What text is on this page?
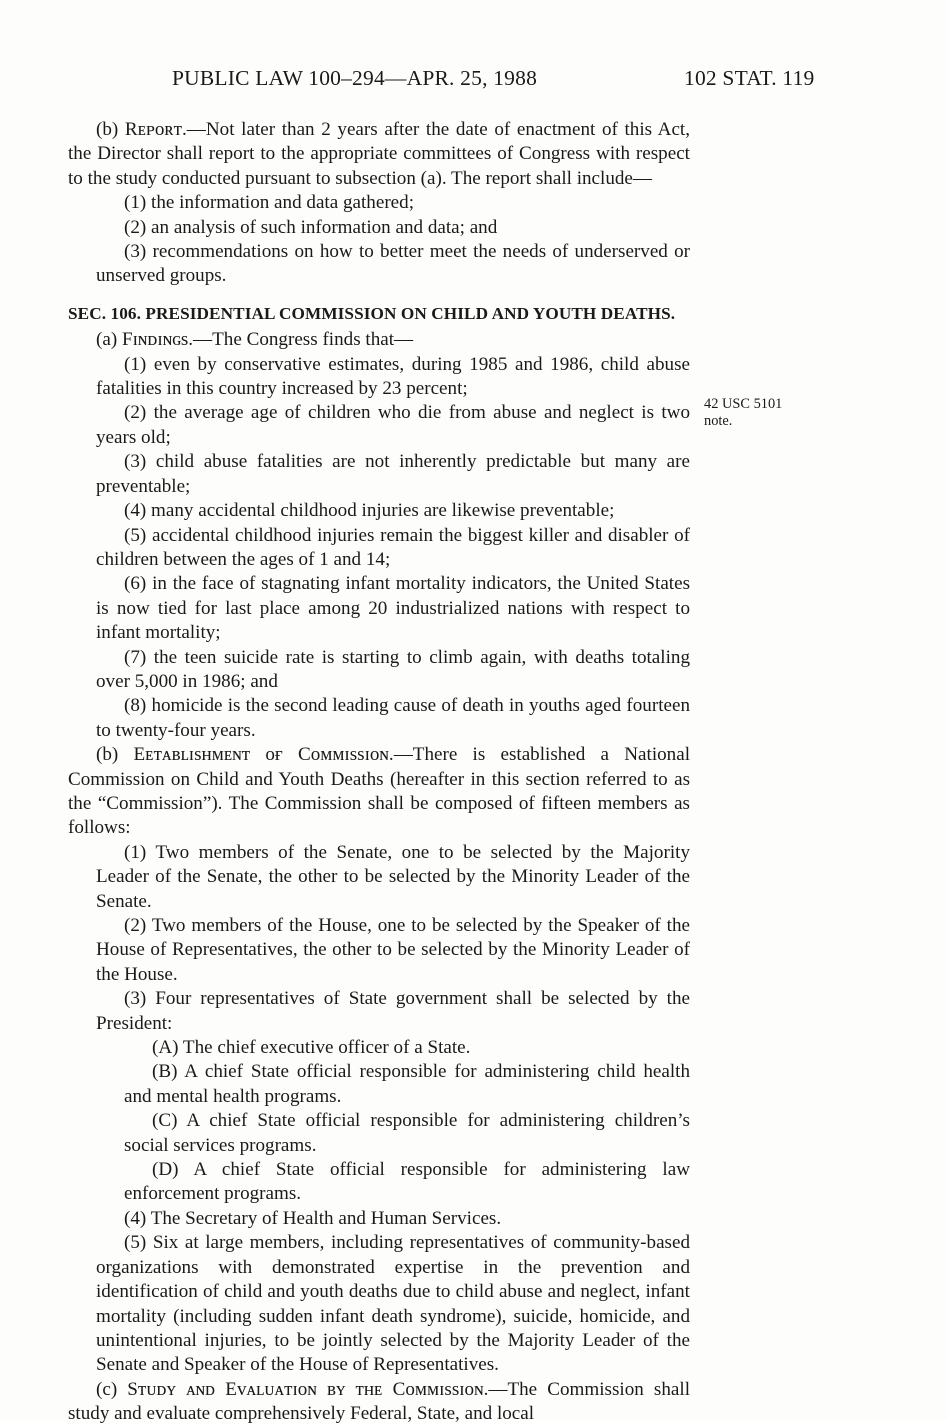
PUBLIC LAW 100–294—APR. 25, 1988	102 STAT. 119
42 USC 5101
note.

(b) Rᴇᴘᴏʀᴛ.—Not later than 2 years after the date of enactment of this Act, the Director shall report to the appropriate committees of Congress with respect to the study conducted pursuant to subsection (a). The report shall include—

(1) the information and data gathered;

(2) an analysis of such information and data; and

(3) recommendations on how to better meet the needs of underserved or unserved groups.

SEC. 106. PRESIDENTIAL COMMISSION ON CHILD AND YOUTH DEATHS.

(a) Fɪɴᴅɪɴɢs.—The Congress finds that—

(1) even by conservative estimates, during 1985 and 1986, child abuse fatalities in this country increased by 23 percent;

(2) the average age of children who die from abuse and neglect is two years old;

(3) child abuse fatalities are not inherently predictable but many are preventable;

(4) many accidental childhood injuries are likewise preventable;

(5) accidental childhood injuries remain the biggest killer and disabler of children between the ages of 1 and 14;

(6) in the face of stagnating infant mortality indicators, the United States is now tied for last place among 20 industrialized nations with respect to infant mortality;

(7) the teen suicide rate is starting to climb again, with deaths totaling over 5,000 in 1986; and

(8) homicide is the second leading cause of death in youths aged fourteen to twenty-four years.

(b) Eᴇᴛᴀʙʟɪѕʜᴍᴇɴᴛ ᴏғ Cᴏᴍᴍɪѕѕɪᴏɴ.—There is established a National Commission on Child and Youth Deaths (hereafter in this section referred to as the “Commission”). The Commission shall be composed of fifteen members as follows:

(1) Two members of the Senate, one to be selected by the Majority Leader of the Senate, the other to be selected by the Minority Leader of the Senate.

(2) Two members of the House, one to be selected by the Speaker of the House of Representatives, the other to be selected by the Minority Leader of the House.

(3) Four representatives of State government shall be selected by the President:

(A) The chief executive officer of a State.

(B) A chief State official responsible for administering child health and mental health programs.

(C) A chief State official responsible for administering children’s social services programs.

(D) A chief State official responsible for administering law enforcement programs.

(4) The Secretary of Health and Human Services.

(5) Six at large members, including representatives of community-based organizations with demonstrated expertise in the prevention and identification of child and youth deaths due to child abuse and neglect, infant mortality (including sudden infant death syndrome), suicide, homicide, and unintentional injuries, to be jointly selected by the Majority Leader of the Senate and Speaker of the House of Representatives.

(c) Sᴛᴜᴅʏ ᴀɴᴅ Eᴠᴀʟᴜᴀᴛɪᴏɴ ʙʏ ᴛʜᴇ Cᴏᴍᴍɪѕѕɪᴏɴ.—The Commission shall study and evaluate comprehensively Federal, State, and local
